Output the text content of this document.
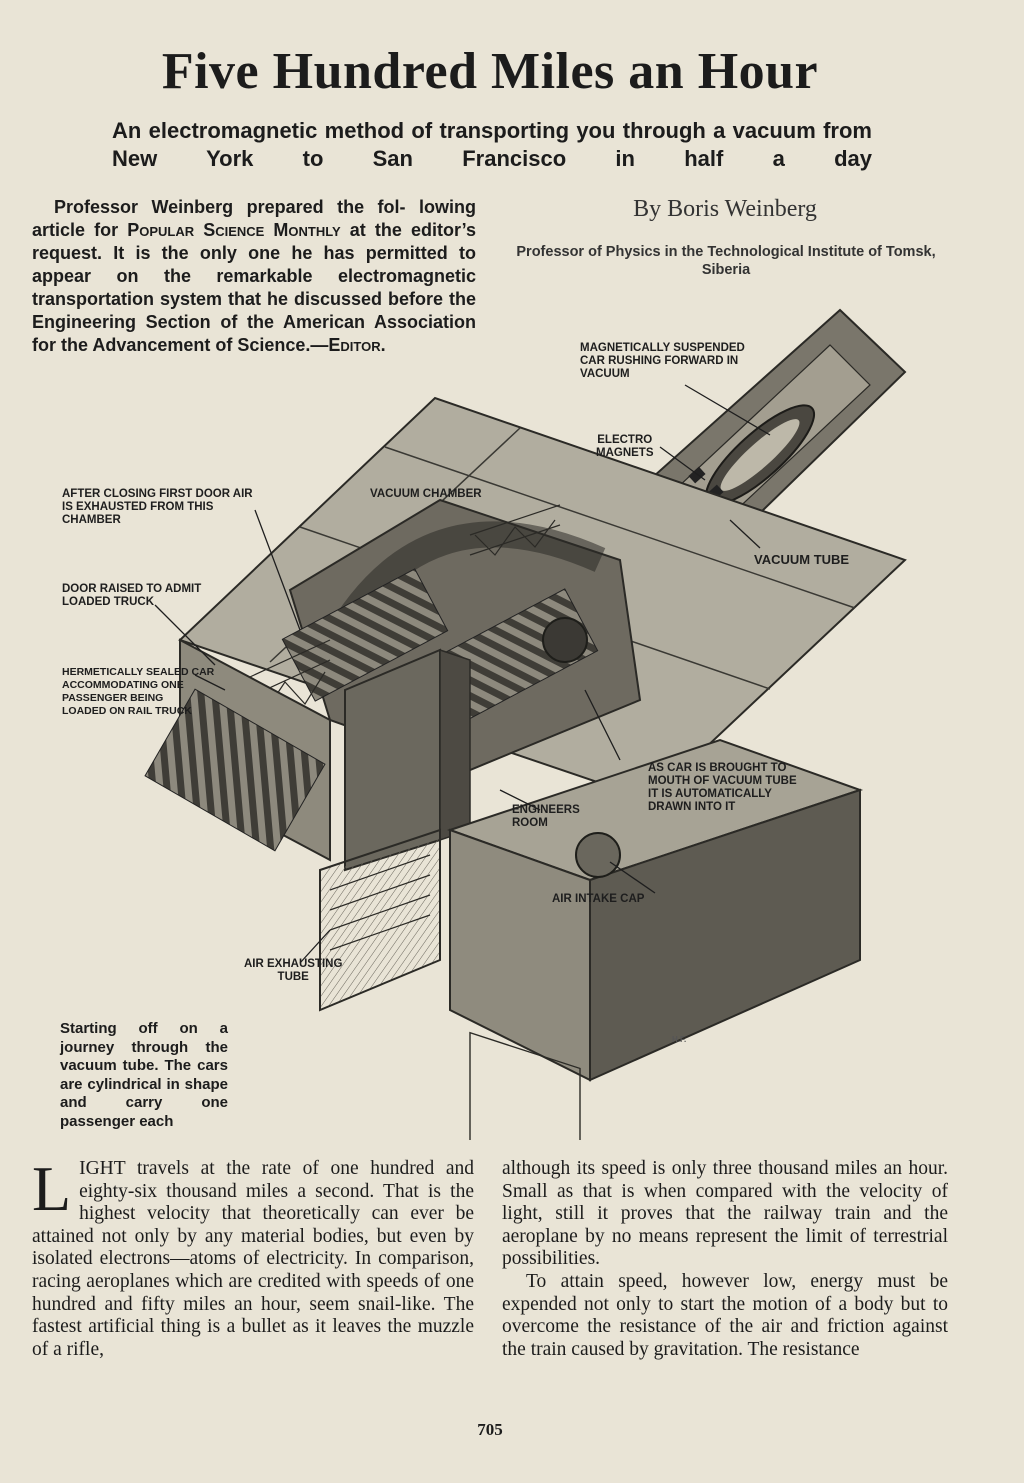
Five Hundred Miles an Hour
An electromagnetic method of transporting you through a vacuum from New York to San Francisco in half a day
Professor Weinberg prepared the fol- lowing article for Popular Science Monthly at the editor’s request. It is the only one he has permitted to appear on the remarkable electromagnetic transportation system that he discussed before the Engineering Section of the American Association for the Advancement of Science.—Editor.
By Boris Weinberg
Professor of Physics in the Technological Institute of Tomsk, Siberia
MAGNETICALLY SUSPENDED
CAR RUSHING FORWARD IN
VACUUM
ELECTRO
MAGNETS
VACUUM TUBE
VACUUM CHAMBER
AFTER CLOSING FIRST DOOR AIR
IS EXHAUSTED FROM THIS
CHAMBER
DOOR RAISED TO ADMIT
LOADED TRUCK
HERMETICALLY SEALED CAR
ACCOMMODATING ONE
PASSENGER BEING
LOADED ON RAIL TRUCK
AS CAR IS BROUGHT TO
MOUTH OF VACUUM TUBE
IT IS AUTOMATICALLY
DRAWN INTO IT
ENGINEERS
ROOM
AIR INTAKE CAP
AIR EXHAUSTING
TUBE
H.F.
Starting off on a journey through the vacuum tube. The cars are cylindrical in shape and carry one passenger each
LIGHT travels at the rate of one hundred and eighty-six thousand miles a second. That is the highest velocity that theoretically can ever be attained not only by any material bodies, but even by isolated electrons—atoms of electricity. In comparison, racing aeroplanes which are credited with speeds of one hundred and fifty miles an hour, seem snail-like. The fastest artificial thing is a bullet as it leaves the muzzle of a rifle,
although its speed is only three thousand miles an hour. Small as that is when compared with the velocity of light, still it proves that the railway train and the aeroplane by no means represent the limit of terrestrial possibilities.
To attain speed, however low, energy must be expended not only to start the motion of a body but to overcome the resistance of the air and friction against the train caused by gravitation. The resistance
705
